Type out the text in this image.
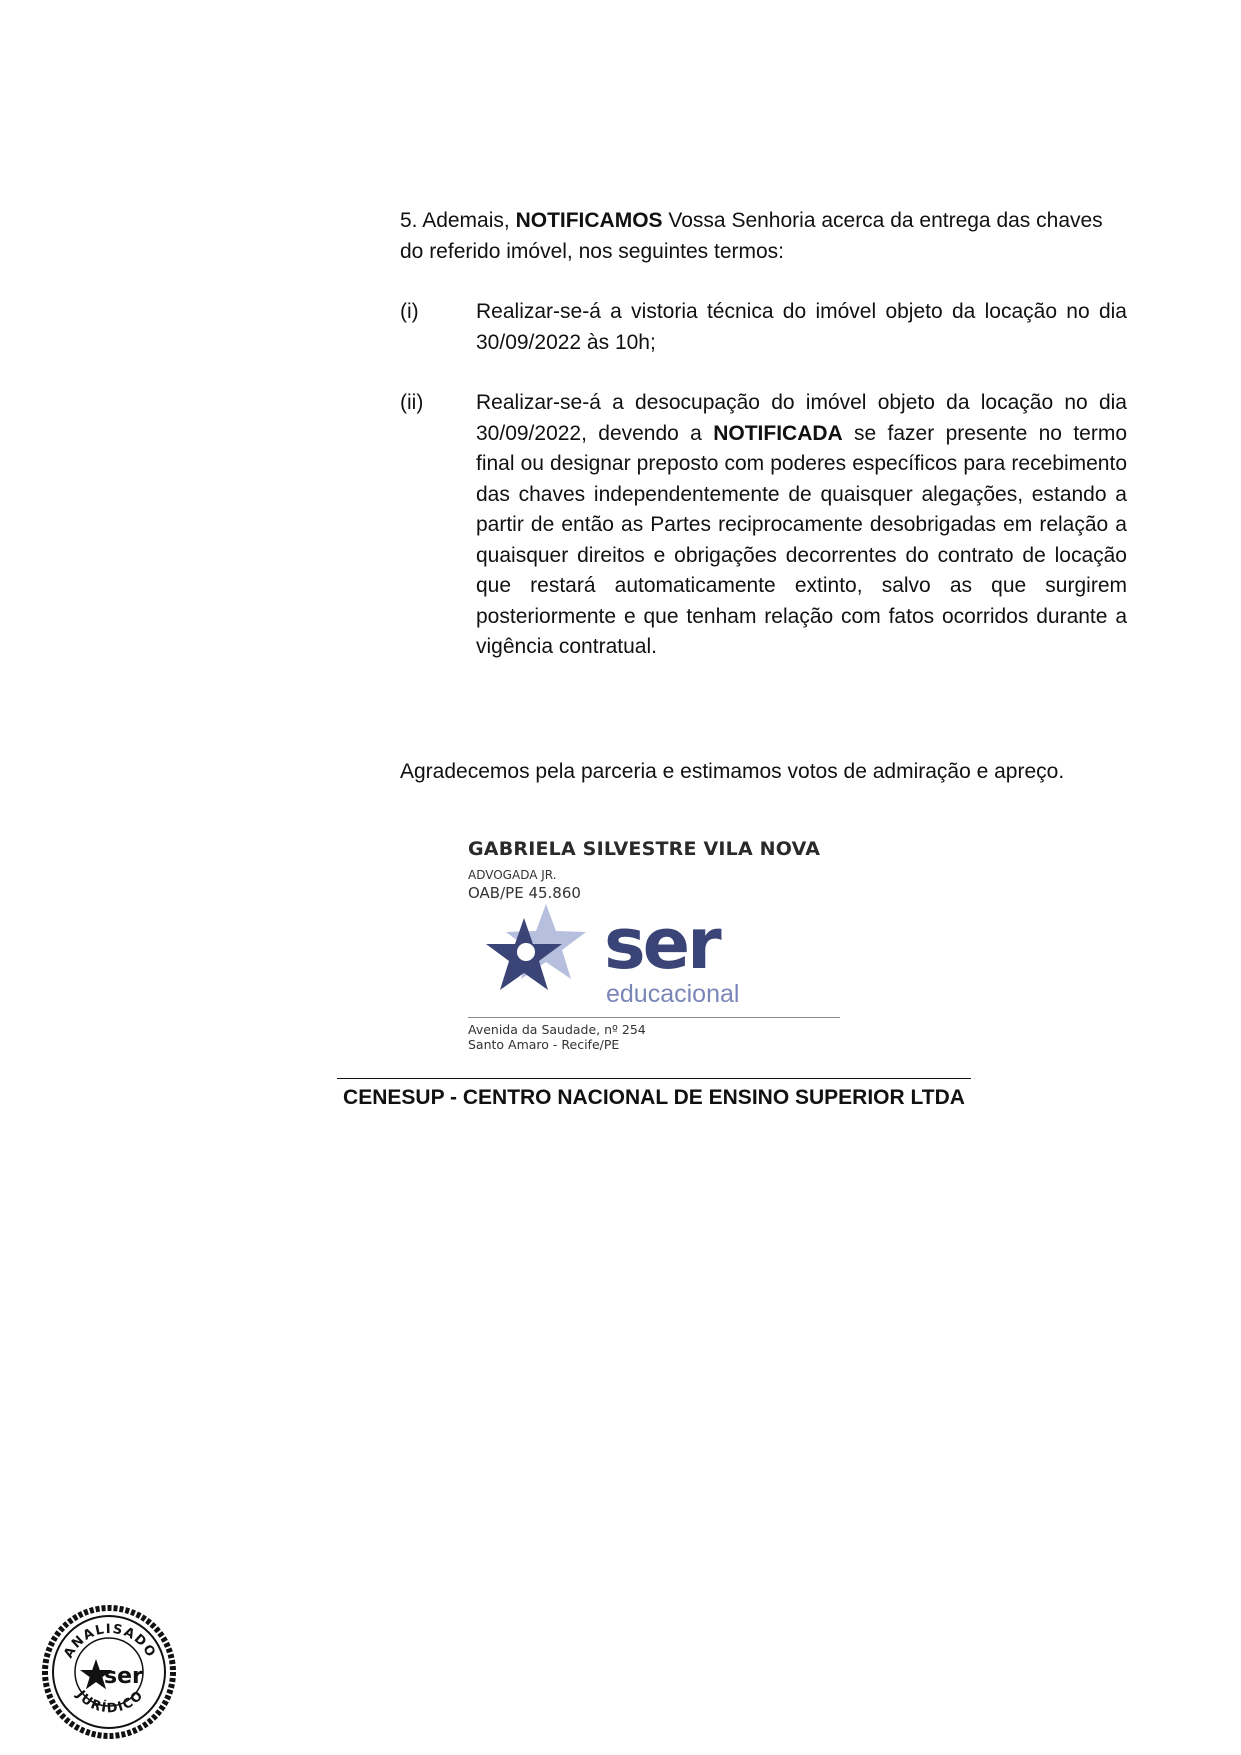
5. Ademais, NOTIFICAMOS Vossa Senhoria acerca da entrega das chaves do referido imóvel, nos seguintes termos:
(i)	Realizar-se-á a vistoria técnica do imóvel objeto da locação no dia 30/09/2022 às 10h;
(ii)	Realizar-se-á a desocupação do imóvel objeto da locação no dia 30/09/2022, devendo a NOTIFICADA se fazer presente no termo final ou designar preposto com poderes específicos para recebimento das chaves independentemente de quaisquer alegações, estando a partir de então as Partes reciprocamente desobrigadas em relação a quaisquer direitos e obrigações decorrentes do contrato de locação que restará automaticamente extinto, salvo as que surgirem posteriormente e que tenham relação com fatos ocorridos durante a vigência contratual.
Agradecemos pela parceria e estimamos votos de admiração e apreço.
GABRIELA SILVESTRE VILA NOVA
ADVOGADA JR.
OAB/PE 45.860
ser
educacional
Avenida da Saudade, nº 254
Santo Amaro - Recife/PE
CENESUP - CENTRO NACIONAL DE ENSINO SUPERIOR LTDA
ANALISADO
JURÍDICO
ser
